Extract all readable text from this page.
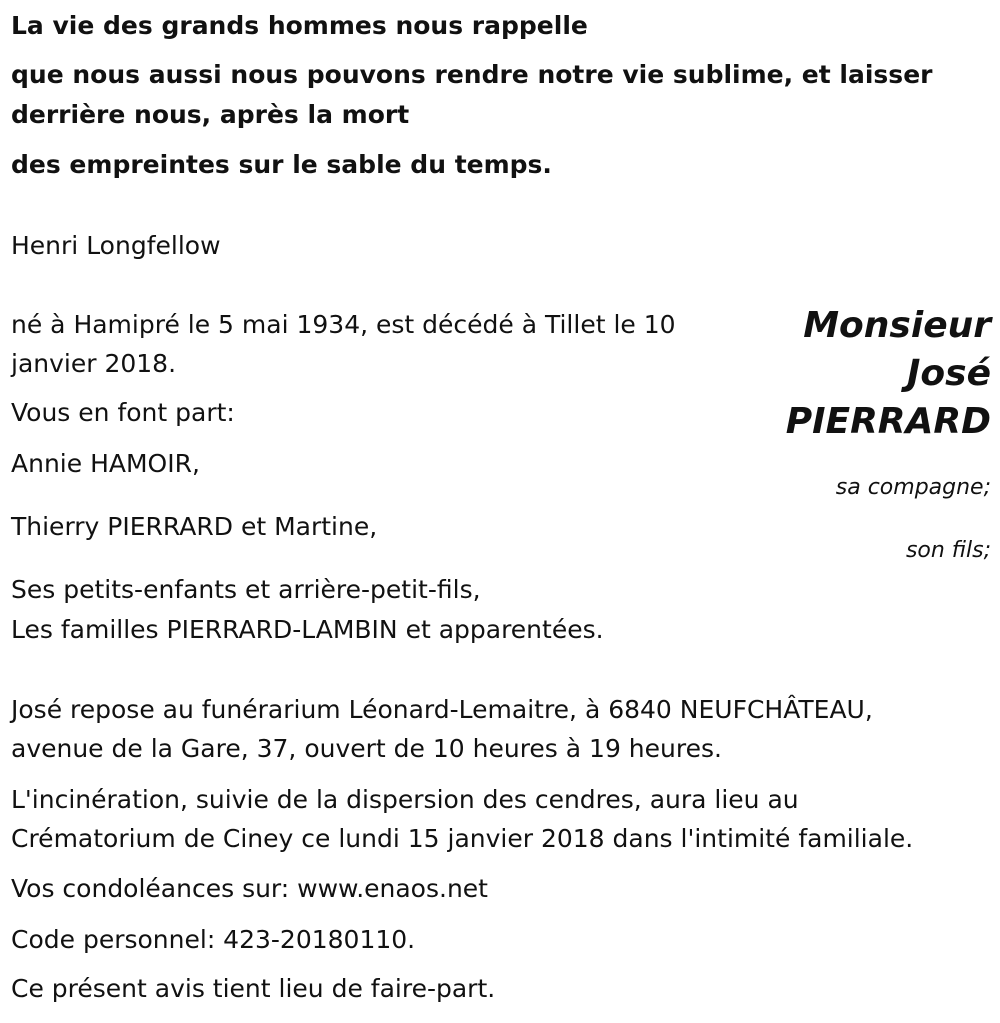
La vie des grands hommes nous rappelle
que nous aussi nous pouvons rendre notre vie sublime, et laisser
derrière nous, après la mort
des empreintes sur le sable du temps.
Henri Longfellow
Monsieur
José
PIERRARD
né à Hamipré le 5 mai 1934, est décédé à Tillet le 10
janvier 2018.
Vous en font part:
Annie HAMOIR,
sa compagne;
Thierry PIERRARD et Martine,
son fils;
Ses petits-enfants et arrière-petit-fils,
Les familles PIERRARD-LAMBIN et apparentées.
José repose au funérarium Léonard-Lemaitre, à 6840 NEUFCHÂTEAU,
avenue de la Gare, 37, ouvert de 10 heures à 19 heures.
L'incinération, suivie de la dispersion des cendres, aura lieu au
Crématorium de Ciney ce lundi 15 janvier 2018 dans l'intimité familiale.
Vos condoléances sur: www.enaos.net
Code personnel: 423-20180110.
Ce présent avis tient lieu de faire-part.
